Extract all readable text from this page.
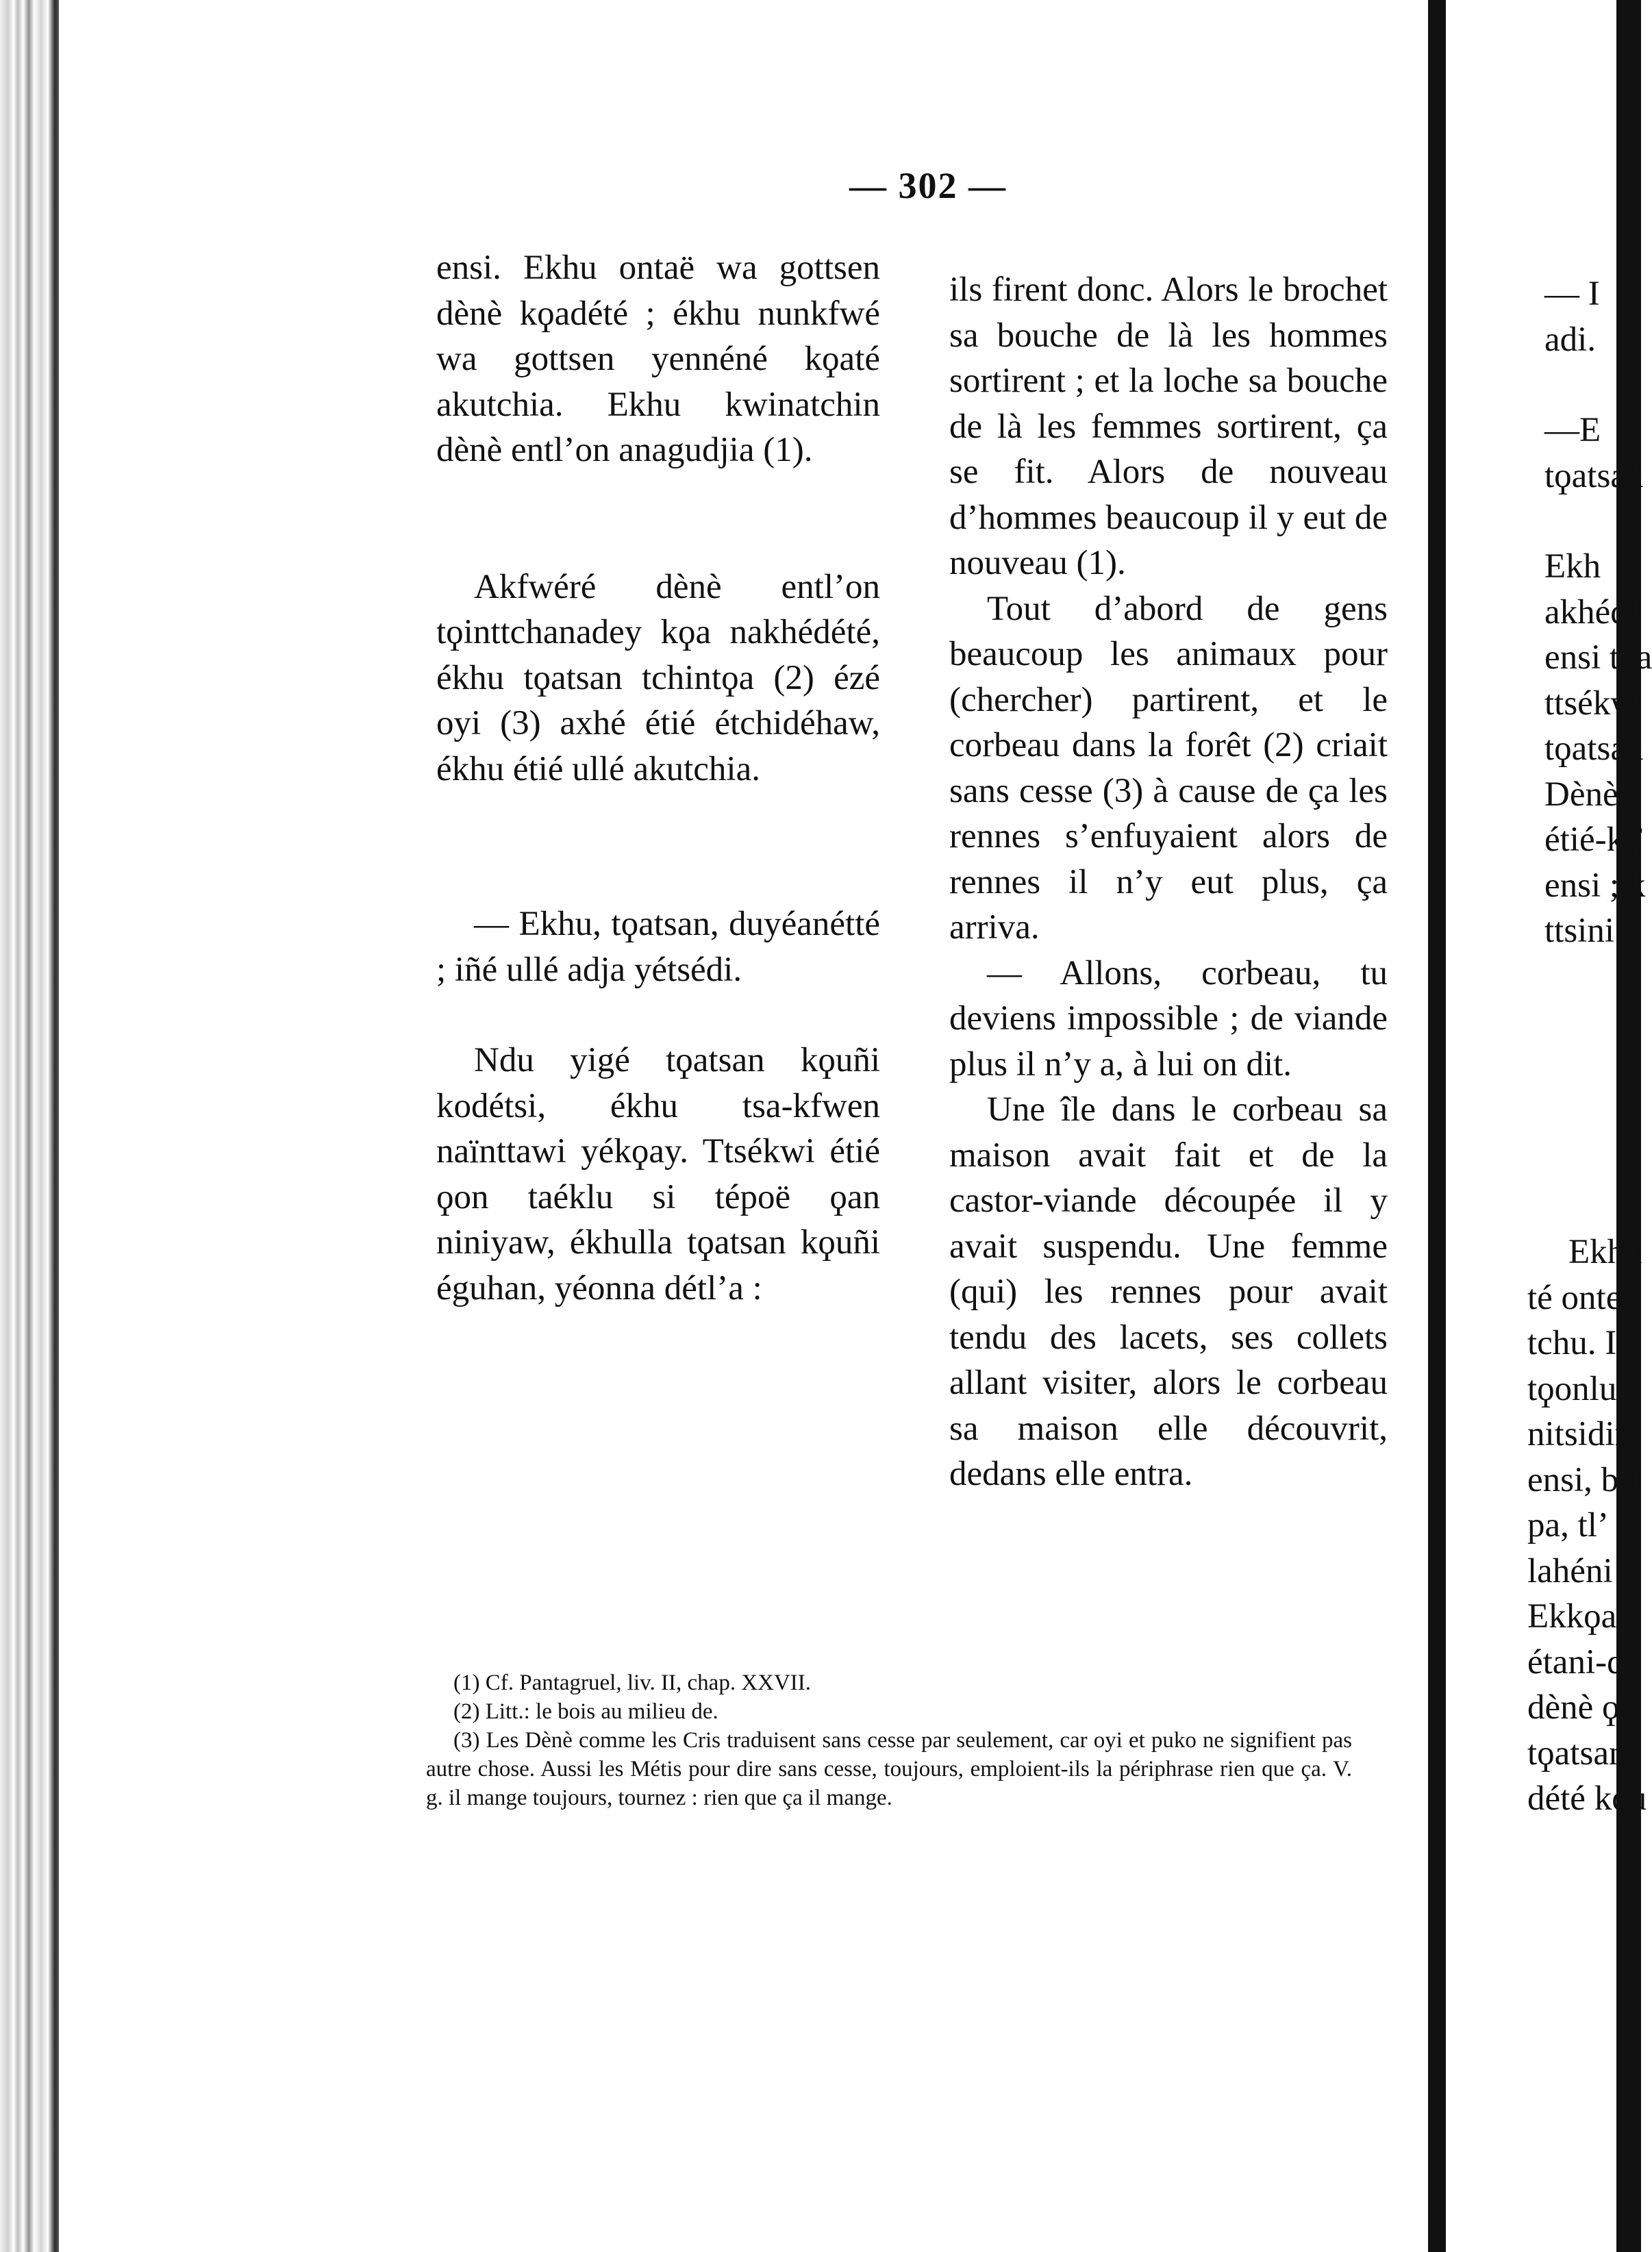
— 302 —

ensi. Ekhu ontaë wa gottsen dènè kϙadété ; ékhu nunkfwé wa gottsen yennéné kϙaté akutchia. Ekhu kwinatchin dènè entl’on anagudjia (1).

Akfwéré dènè entl’on tϙinttchanadey kϙa nakhédété, ékhu tϙatsan tchintϙa (2) ézé oyi (3) axhé étié étchidéhaw, ékhu étié ullé akutchia.

— Ekhu, tϙatsan, duyéanétté ; iñé ullé adja yétsédi.

Ndu yigé tϙatsan kϙuñi kodétsi, ékhu tsa-kfwen naïnttawi yékϙay. Ttsékwi étié ϙon taéklu si tépoë ϙan niniyaw, ékhulla tϙatsan kϙuñi éguhan, yéonna détl’a :

ils firent donc. Alors le brochet sa bouche de là les hommes sortirent ; et la loche sa bouche de là les femmes sortirent, ça se fit. Alors de nouveau d’hommes beaucoup il y eut de nouveau (1).

Tout d’abord de gens beaucoup les animaux pour (chercher) partirent, et le corbeau dans la forêt (2) criait sans cesse (3) à cause de ça les rennes s’enfuyaient alors de rennes il n’y eut plus, ça arriva.

— Allons, corbeau, tu deviens impossible ; de viande plus il n’y a, à lui on dit.

Une île dans le corbeau sa maison avait fait et de la castor-viande découpée il y avait suspendu. Une femme (qui) les rennes pour avait tendu des lacets, ses collets allant visiter, alors le corbeau sa maison elle découvrit, dedans elle entra.

— I

adi.

—E

tϙatsan

Ekh

akhédi

ensi tϙa

ttsékw

tϙatsan

Dènè

étié-kl’

ensi ; k

ttsini !

Ekhu

té onte

tchu. I

tϙonlu

nitsidin

ensi, be

pa, tl’

lahéni ;

Ekkϙa

étani-dé

dènè ϙ

tϙatsan

dété kϙu

(1) Cf. Pantagruel, liv. II, chap. XXVII.

(2) Litt.: le bois au milieu de.

(3) Les Dènè comme les Cris traduisent sans cesse par seulement, car oyi et puko ne signifient pas autre chose. Aussi les Métis pour dire sans cesse, toujours, emploient-ils la périphrase rien que ça. V. g. il mange toujours, tournez : rien que ça il mange.
